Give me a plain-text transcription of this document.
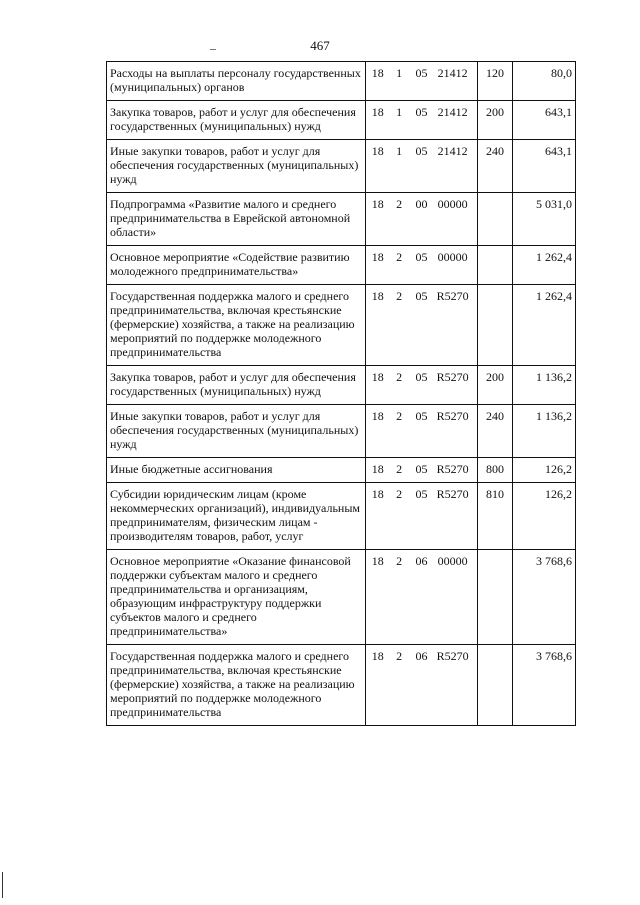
467
Расходы на выплаты персоналу государственных (муниципальных) органов	18 1 05 21412	120	80,0
Закупка товаров, работ и услуг для обеспечения государственных (муниципальных) нужд	18 1 05 21412	200	643,1
Иные закупки товаров, работ и услуг для обеспечения государственных (муниципальных) нужд	18 1 05 21412	240	643,1
Подпрограмма «Развитие малого и среднего предпринимательства в Еврейской автономной области»	18 2 00 00000		5 031,0
Основное мероприятие «Содействие развитию молодежного предпринимательства»	18 2 05 00000		1 262,4
Государственная поддержка малого и среднего предпринимательства, включая крестьянские (фермерские) хозяйства, а также на реализацию мероприятий по поддержке молодежного предпринимательства	18 2 05 R5270		1 262,4
Закупка товаров, работ и услуг для обеспечения государственных (муниципальных) нужд	18 2 05 R5270	200	1 136,2
Иные закупки товаров, работ и услуг для обеспечения государственных (муниципальных) нужд	18 2 05 R5270	240	1 136,2
Иные бюджетные ассигнования	18 2 05 R5270	800	126,2
Субсидии юридическим лицам (кроме некоммерческих организаций), индивидуальным предпринимателям, физическим лицам - производителям товаров, работ, услуг	18 2 05 R5270	810	126,2
Основное мероприятие «Оказание финансовой поддержки субъектам малого и среднего предпринимательства и организациям, образующим инфраструктуру поддержки субъектов малого и среднего предпринимательства»	18 2 06 00000		3 768,6
Государственная поддержка малого и среднего предпринимательства, включая крестьянские (фермерские) хозяйства, а также на реализацию мероприятий по поддержке молодежного предпринимательства	18 2 06 R5270		3 768,6
